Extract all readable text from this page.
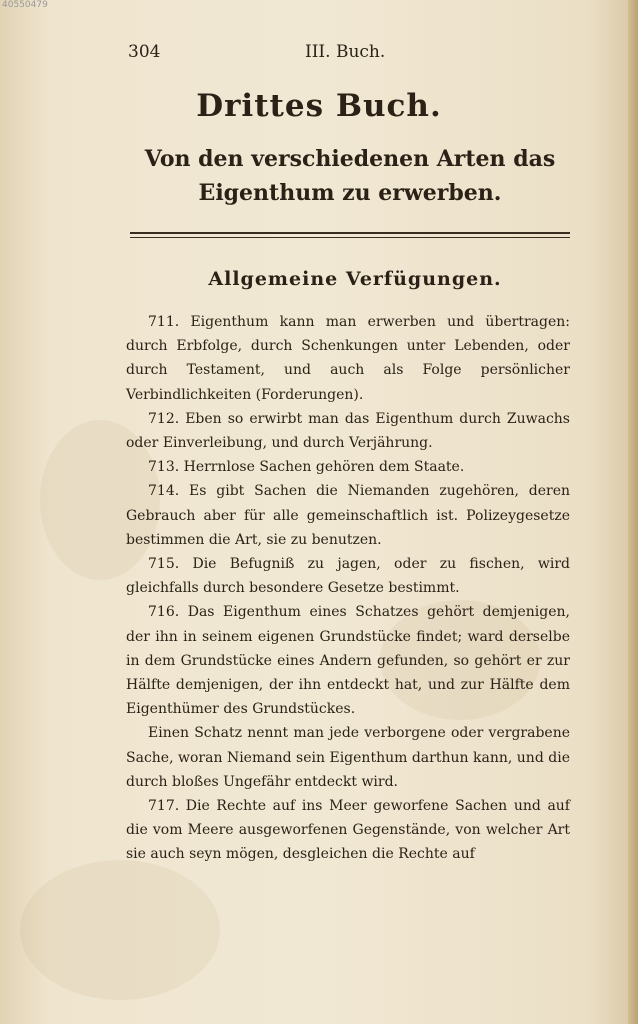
40550479
304	III. Buch.
Drittes Buch.
Von den verschiedenen Arten das Eigenthum zu erwerben.
Allgemeine Verfügungen.

711. Eigenthum kann man erwerben und übertragen: durch Erbfolge, durch Schenkungen unter Lebenden, oder durch Testament, und auch als Folge persönlicher Verbindlichkeiten (Forderungen).

712. Eben so erwirbt man das Eigenthum durch Zuwachs oder Einverleibung, und durch Verjährung.

713. Herrnlose Sachen gehören dem Staate.

714. Es gibt Sachen die Niemanden zugehören, deren Gebrauch aber für alle gemeinschaftlich ist. Polizeygesetze bestimmen die Art, sie zu benutzen.

715. Die Befugniß zu jagen, oder zu fischen, wird gleichfalls durch besondere Gesetze bestimmt.

716. Das Eigenthum eines Schatzes gehört demjenigen, der ihn in seinem eigenen Grundstücke findet; ward derselbe in dem Grundstücke eines Andern gefunden, so gehört er zur Hälfte demjenigen, der ihn entdeckt hat, und zur Hälfte dem Eigenthümer des Grundstückes.

Einen Schatz nennt man jede verborgene oder vergrabene Sache, woran Niemand sein Eigenthum darthun kann, und die durch bloßes Ungefähr entdeckt wird.

717. Die Rechte auf ins Meer geworfene Sachen und auf die vom Meere ausgeworfenen Gegenstände, von welcher Art sie auch seyn mögen, desgleichen die Rechte auf
